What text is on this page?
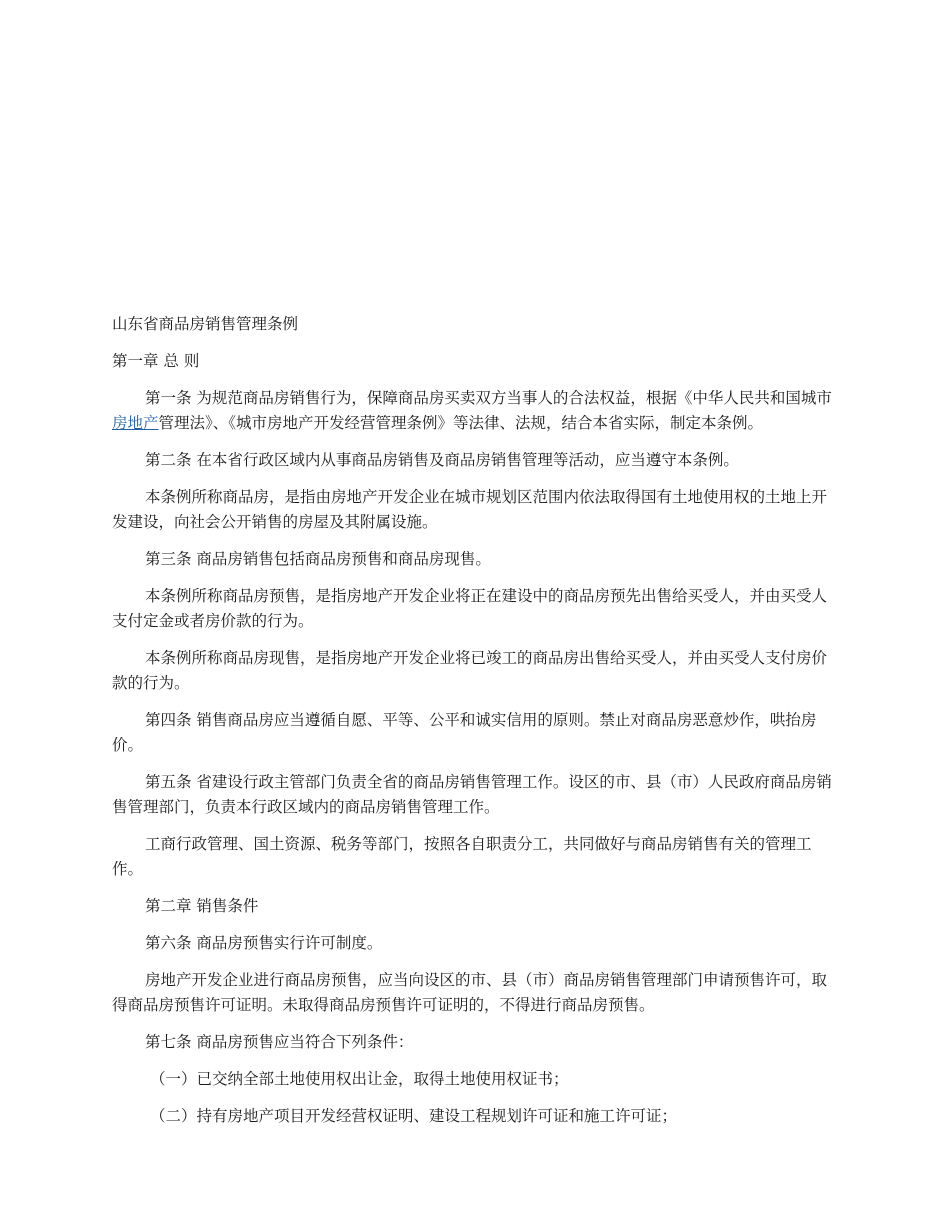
山东省商品房销售管理条例

第一章 总 则

第一条 为规范商品房销售行为，保障商品房买卖双方当事人的合法权益，根据《中华人民共和国城市房地产管理法》、《城市房地产开发经营管理条例》等法律、法规，结合本省实际，制定本条例。

第二条 在本省行政区域内从事商品房销售及商品房销售管理等活动，应当遵守本条例。

本条例所称商品房，是指由房地产开发企业在城市规划区范围内依法取得国有土地使用权的土地上开发建设，向社会公开销售的房屋及其附属设施。

第三条 商品房销售包括商品房预售和商品房现售。

本条例所称商品房预售，是指房地产开发企业将正在建设中的商品房预先出售给买受人，并由买受人支付定金或者房价款的行为。

本条例所称商品房现售，是指房地产开发企业将已竣工的商品房出售给买受人，并由买受人支付房价款的行为。

第四条 销售商品房应当遵循自愿、平等、公平和诚实信用的原则。禁止对商品房恶意炒作，哄抬房价。

第五条 省建设行政主管部门负责全省的商品房销售管理工作。设区的市、县（市）人民政府商品房销售管理部门，负责本行政区域内的商品房销售管理工作。

工商行政管理、国土资源、税务等部门，按照各自职责分工，共同做好与商品房销售有关的管理工作。

第二章 销售条件

第六条 商品房预售实行许可制度。

房地产开发企业进行商品房预售，应当向设区的市、县（市）商品房销售管理部门申请预售许可，取得商品房预售许可证明。未取得商品房预售许可证明的，不得进行商品房预售。

第七条 商品房预售应当符合下列条件：

（一）已交纳全部土地使用权出让金，取得土地使用权证书；

（二）持有房地产项目开发经营权证明、建设工程规划许可证和施工许可证；
